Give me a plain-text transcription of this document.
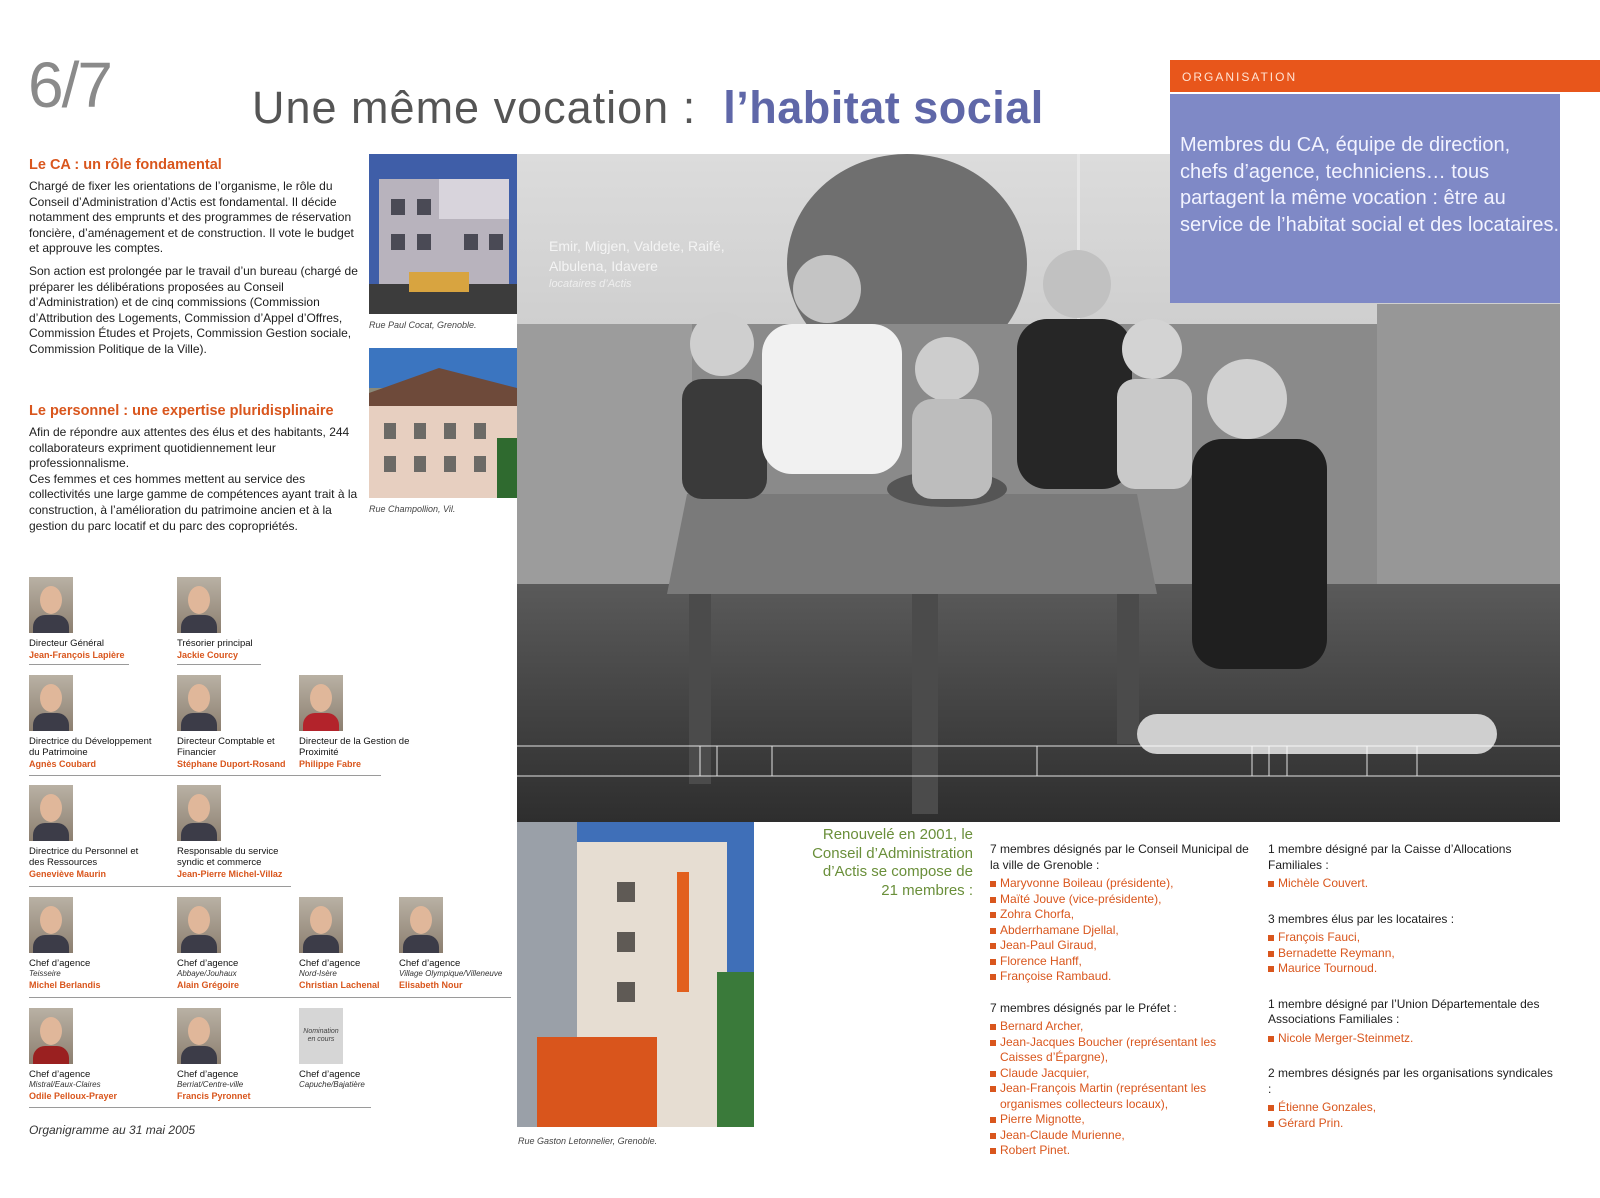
6/7	Une même vocation : l’habitat social
ORGANISATION
Emir, Migjen, Valdete, Raifé, Albulena, Idavere
locataires d’Actis
Membres du CA, équipe de direction, chefs d’agence, techniciens… tous partagent la même vocation : être au service de l’habitat social et des locataires.
Le CA : un rôle fondamental

Chargé de fixer les orientations de l’organisme, le rôle du Conseil d’Administration d’Actis est fondamental. Il décide notamment des emprunts et des programmes de réservation foncière, d’aménagement et de construction. Il vote le budget et approuve les comptes.

Son action est prolongée par le travail d’un bureau (chargé de préparer les délibérations proposées au Conseil d’Administration) et de cinq commissions (Commission d’Attribution des Logements, Commission d’Appel d’Offres, Commission Études et Projets, Commission Gestion sociale, Commission Politique de la Ville).

Le personnel : une expertise pluridisplinaire

Afin de répondre aux attentes des élus et des habitants, 244 collaborateurs expriment quotidiennement leur professionnalisme.

Ces femmes et ces hommes mettent au service des collectivités une large gamme de compétences ayant trait à la construction, à l’amélioration du patrimoine ancien et à la gestion du parc locatif et du parc des copropriétés.

Rue Paul Cocat, Grenoble.
Rue Champollion, Vil.
Rue Gaston Letonnelier, Grenoble.
Directeur Général
Jean-François Lapière
Trésorier principal
Jackie Courcy
Directrice du Développement du Patrimoine
Agnès Coubard
Directeur Comptable et Financier
Stéphane Duport-Rosand
Directeur de la Gestion de Proximité
Philippe Fabre
Directrice du Personnel et des Ressources
Geneviève Maurin
Responsable du service syndic et commerce
Jean-Pierre Michel-Villaz
Chef d’agence
Teisseire
Michel Berlandis
Chef d’agence
Abbaye/Jouhaux
Alain Grégoire
Chef d’agence
Nord-Isère
Christian Lachenal
Chef d’agence
Village Olympique/Villeneuve
Elisabeth Nour
Chef d’agence
Mistral/Eaux-Claires
Odile Pelloux-Prayer
Chef d’agence
Berriat/Centre-ville
Francis Pyronnet
Nomination en cours
Chef d’agence
Capuche/Bajatière
Organigramme au 31 mai 2005
Renouvelé en 2001, le Conseil d’Administration d’Actis se compose de 21 membres :
7 membres désignés par le Conseil Municipal de la ville de Grenoble :
Maryvonne Boileau (présidente),
Maïté Jouve (vice-présidente),
Zohra Chorfa,
Abderrhamane Djellal,
Jean-Paul Giraud,
Florence Hanff,
Françoise Rambaud.
7 membres désignés par le Préfet :
Bernard Archer,
Jean-Jacques Boucher (représentant les Caisses d’Épargne),
Claude Jacquier,
Jean-François Martin (représentant les organismes collecteurs locaux),
Pierre Mignotte,
Jean-Claude Murienne,
Robert Pinet.
1 membre désigné par la Caisse d’Allocations Familiales :
Michèle Couvert.
3 membres élus par les locataires :
François Fauci,
Bernadette Reymann,
Maurice Tournoud.
1 membre désigné par l’Union Départementale des Associations Familiales :
Nicole Merger-Steinmetz.
2 membres désignés par les organisations syndicales :
Étienne Gonzales,
Gérard Prin.
